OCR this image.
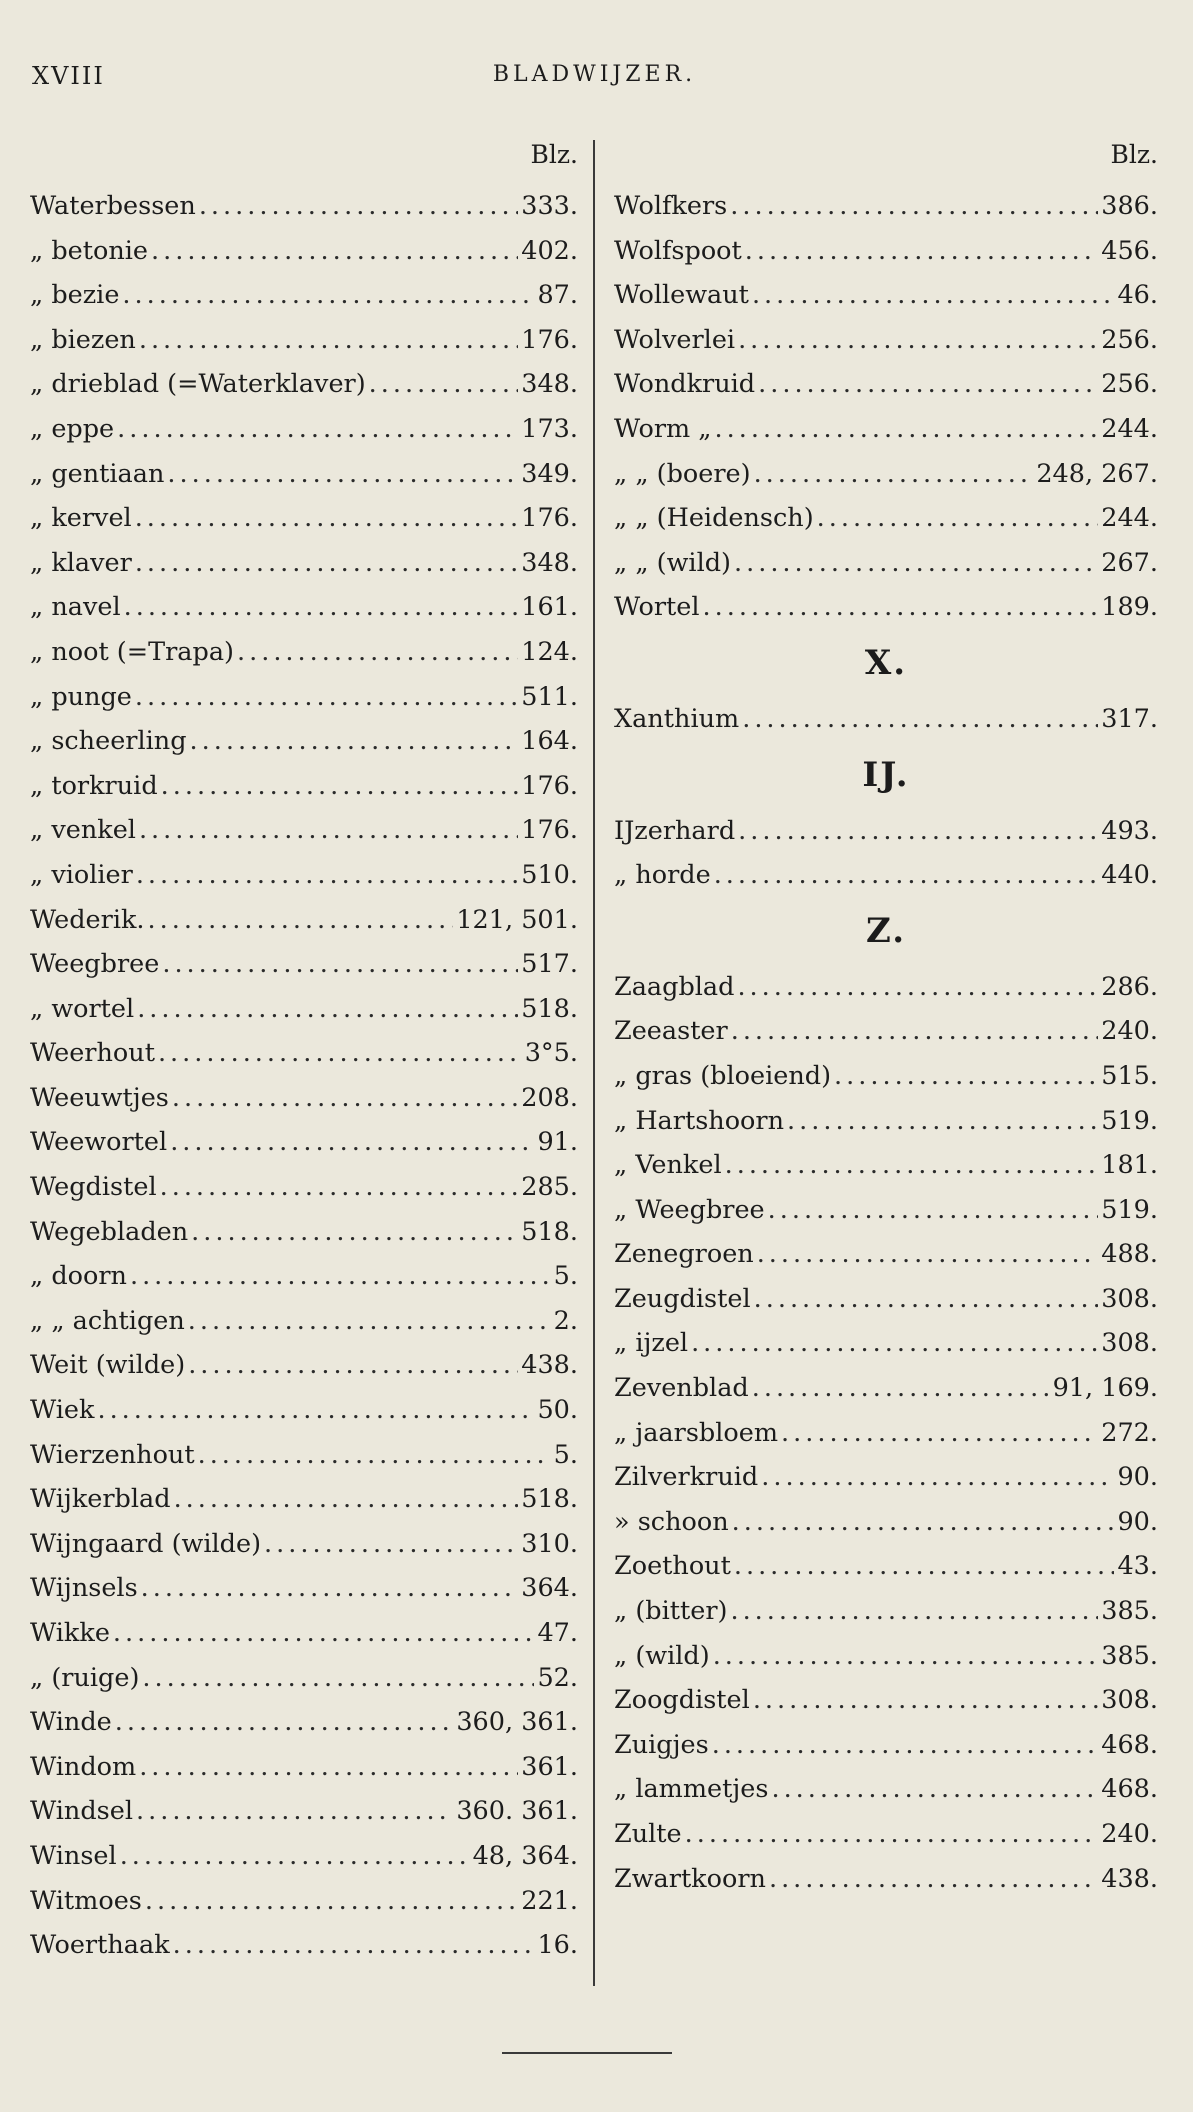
XVIII	BLADWIJZER.
Blz.
Waterbessen .....	333.
„ betonie .....	402.
„ bezie .....	87.
„ biezen .....	176.
„ drieblad (=Waterklaver) .....	348.
„ eppe .....	173.
„ gentiaan .....	349.
„ kervel .....	176.
„ klaver .....	348.
„ navel .....	161.
„ noot (=Trapa) .....	124.
„ punge .....	511.
„ scheerling .....	164.
„ torkruid .....	176.
„ venkel .....	176.
„ violier .....	510.
Wederik. .....	121, 501.
Weegbree .....	517.
„ wortel .....	518.
Weerhout .....	3°5.
Weeuwtjes .....	208.
Weewortel .....	91.
Wegdistel .....	285.
Wegebladen .....	518.
„ doorn .....	5.
„ „ achtigen .....	2.
Weit (wilde) .....	438.
Wiek .....	50.
Wierzenhout .....	5.
Wijkerblad .....	518.
Wijngaard (wilde) .....	310.
Wijnsels .....	364.
Wikke .....	47.
„ (ruige) .....	52.
Winde .....	360, 361.
Windom .....	361.
Windsel .....	360. 361.
Winsel .....	48, 364.
Witmoes .....	221.
Woerthaak .....	16.
Blz.
Wolfkers .....	386.
Wolfspoot .....	456.
Wollewaut .....	46.
Wolverlei .....	256.
Wondkruid .....	256.
Worm „ .....	244.
„ „ (boere) .....	248, 267.
„ „ (Heidensch) .....	244.
„ „ (wild) .....	267.
Wortel .....	189.
X.
Xanthium .....	317.
IJ.
IJzerhard .....	493.
„ horde .....	440.
Z.
Zaagblad .....	286.
Zeeaster .....	240.
„ gras (bloeiend) .....	515.
„ Hartshoorn .....	519.
„ Venkel .....	181.
„ Weegbree .....	519.
Zenegroen .....	488.
Zeugdistel .....	308.
„ ijzel .....	308.
Zevenblad .....	91, 169.
„ jaarsbloem .....	272.
Zilverkruid .....	90.
» schoon .....	90.
Zoethout .....	43.
„ (bitter) .....	385.
„ (wild) .....	385.
Zoogdistel .....	308.
Zuigjes .....	468.
„ lammetjes .....	468.
Zulte .....	240.
Zwartkoorn .....	438.
